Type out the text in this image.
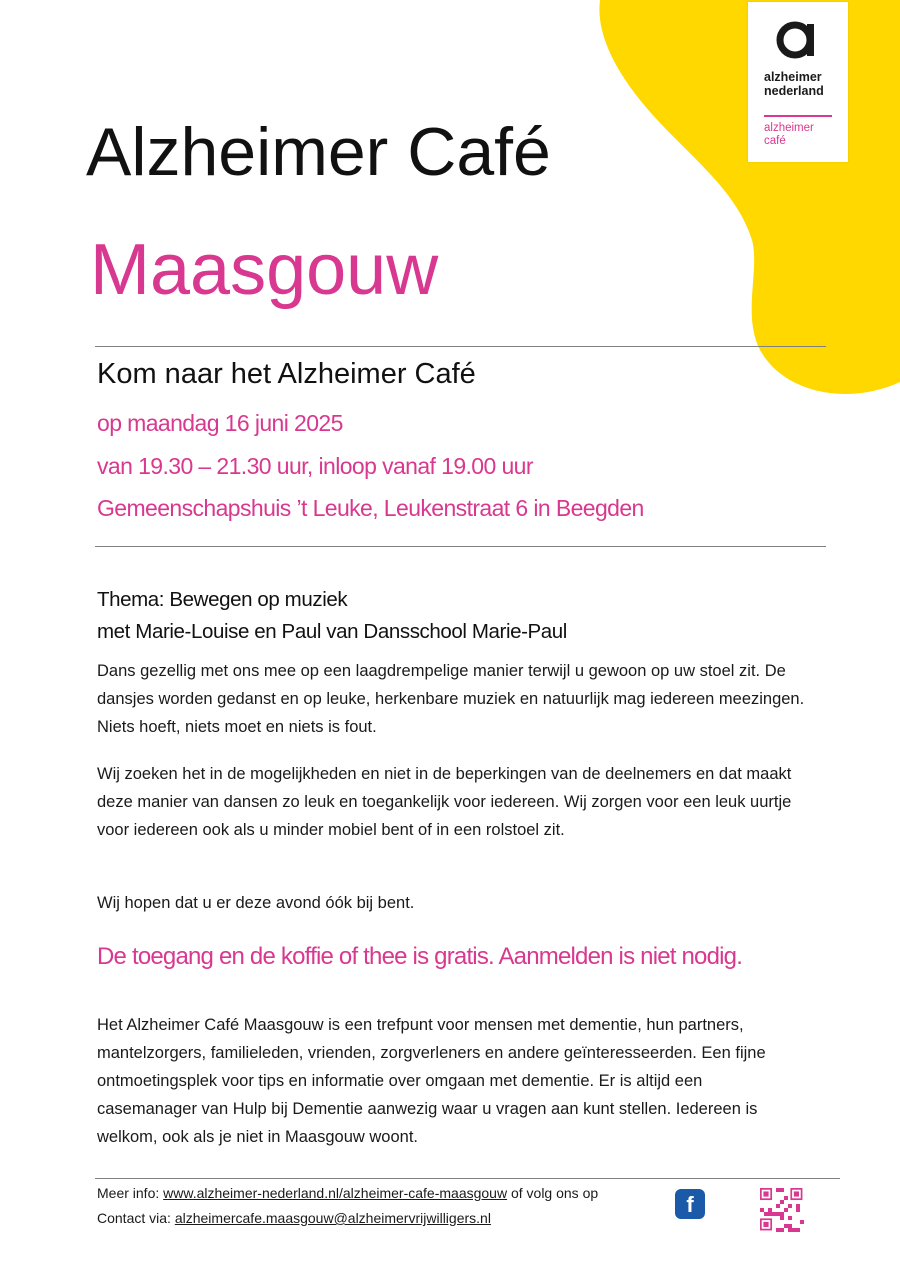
alzheimer
nederland
alzheimer
café
Alzheimer Café
Maasgouw
Kom naar het Alzheimer Café
op maandag 16 juni 2025
van 19.30 – 21.30 uur, inloop vanaf 19.00 uur
Gemeenschapshuis ’t Leuke, Leukenstraat 6 in Beegden
Thema: Bewegen op muziek
met Marie-Louise en Paul van Dansschool Marie-Paul

Dans gezellig met ons mee op een laagdrempelige manier terwijl u gewoon op uw stoel zit. De dansjes worden gedanst en op leuke, herkenbare muziek en natuurlijk mag iedereen meezingen. Niets hoeft, niets moet en niets is fout.

Wij zoeken het in de mogelijkheden en niet in de beperkingen van de deelnemers en dat maakt deze manier van dansen zo leuk en toegankelijk voor iedereen. Wij zorgen voor een leuk uurtje voor iedereen ook als u minder mobiel bent of in een rolstoel zit.

Wij hopen dat u er deze avond óók bij bent.

De toegang en de koffie of thee is gratis. Aanmelden is niet nodig.

Het Alzheimer Café Maasgouw is een trefpunt voor mensen met dementie, hun partners, mantelzorgers, familieleden, vrienden, zorgverleners en andere geïnteresseerden. Een fijne ontmoetingsplek voor tips en informatie over omgaan met dementie. Er is altijd een casemanager van Hulp bij Dementie aanwezig waar u vragen aan kunt stellen. Iedereen is welkom, ook als je niet in Maasgouw woont.

Meer info: www.alzheimer-nederland.nl/alzheimer-cafe-maasgouw of volg ons op
Contact via: alzheimercafe.maasgouw@alzheimervrijwilligers.nl
f
